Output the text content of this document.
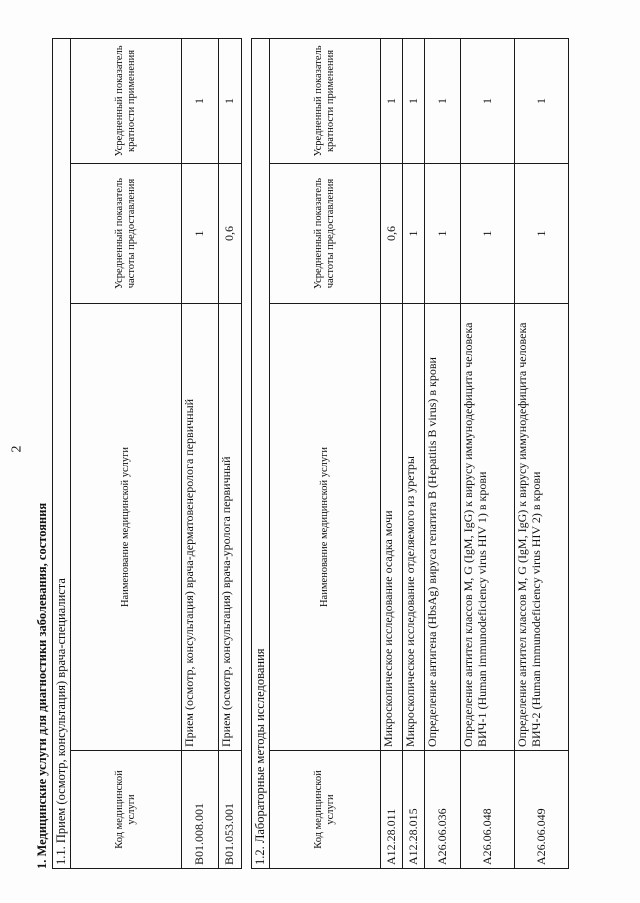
2
1. Медицинские услуги для диагностики заболевания, состояния 1.1. Прием (осмотр, консультация) врача-специалиста			
Код медицинской услуги	Наименование медицинской услуги	Усредненный показатель частоты предоставления	Усредненный показатель кратности применения
B01.008.001	Прием (осмотр, консультация) врача-дерматовенеролога первичный	1	1
B01.053.001	Прием (осмотр, консультация) врача-уролога первичный	0,6	1
1.2. Лабораторные методы исследования			
Код медицинской услуги	Наименование медицинской услуги	Усредненный показатель частоты предоставления	Усредненный показатель кратности применения
A12.28.011	Микроскопическое исследование осадка мочи	0,6	1
A12.28.015	Микроскопическое исследование отделяемого из уретры	1	1
A26.06.036	Определение антигена (HbsAg) вируса гепатита B (Hepatitis B virus) в крови	1	1
A26.06.048	Определение антител классов M, G (IgM, IgG) к вирусу иммунодефицита человека ВИЧ-1 (Human immunodeficiency virus HIV 1) в крови	1	1
A26.06.049	Определение антител классов M, G (IgM, IgG) к вирусу иммунодефицита человека ВИЧ-2 (Human immunodeficiency virus HIV 2) в крови	1	1
